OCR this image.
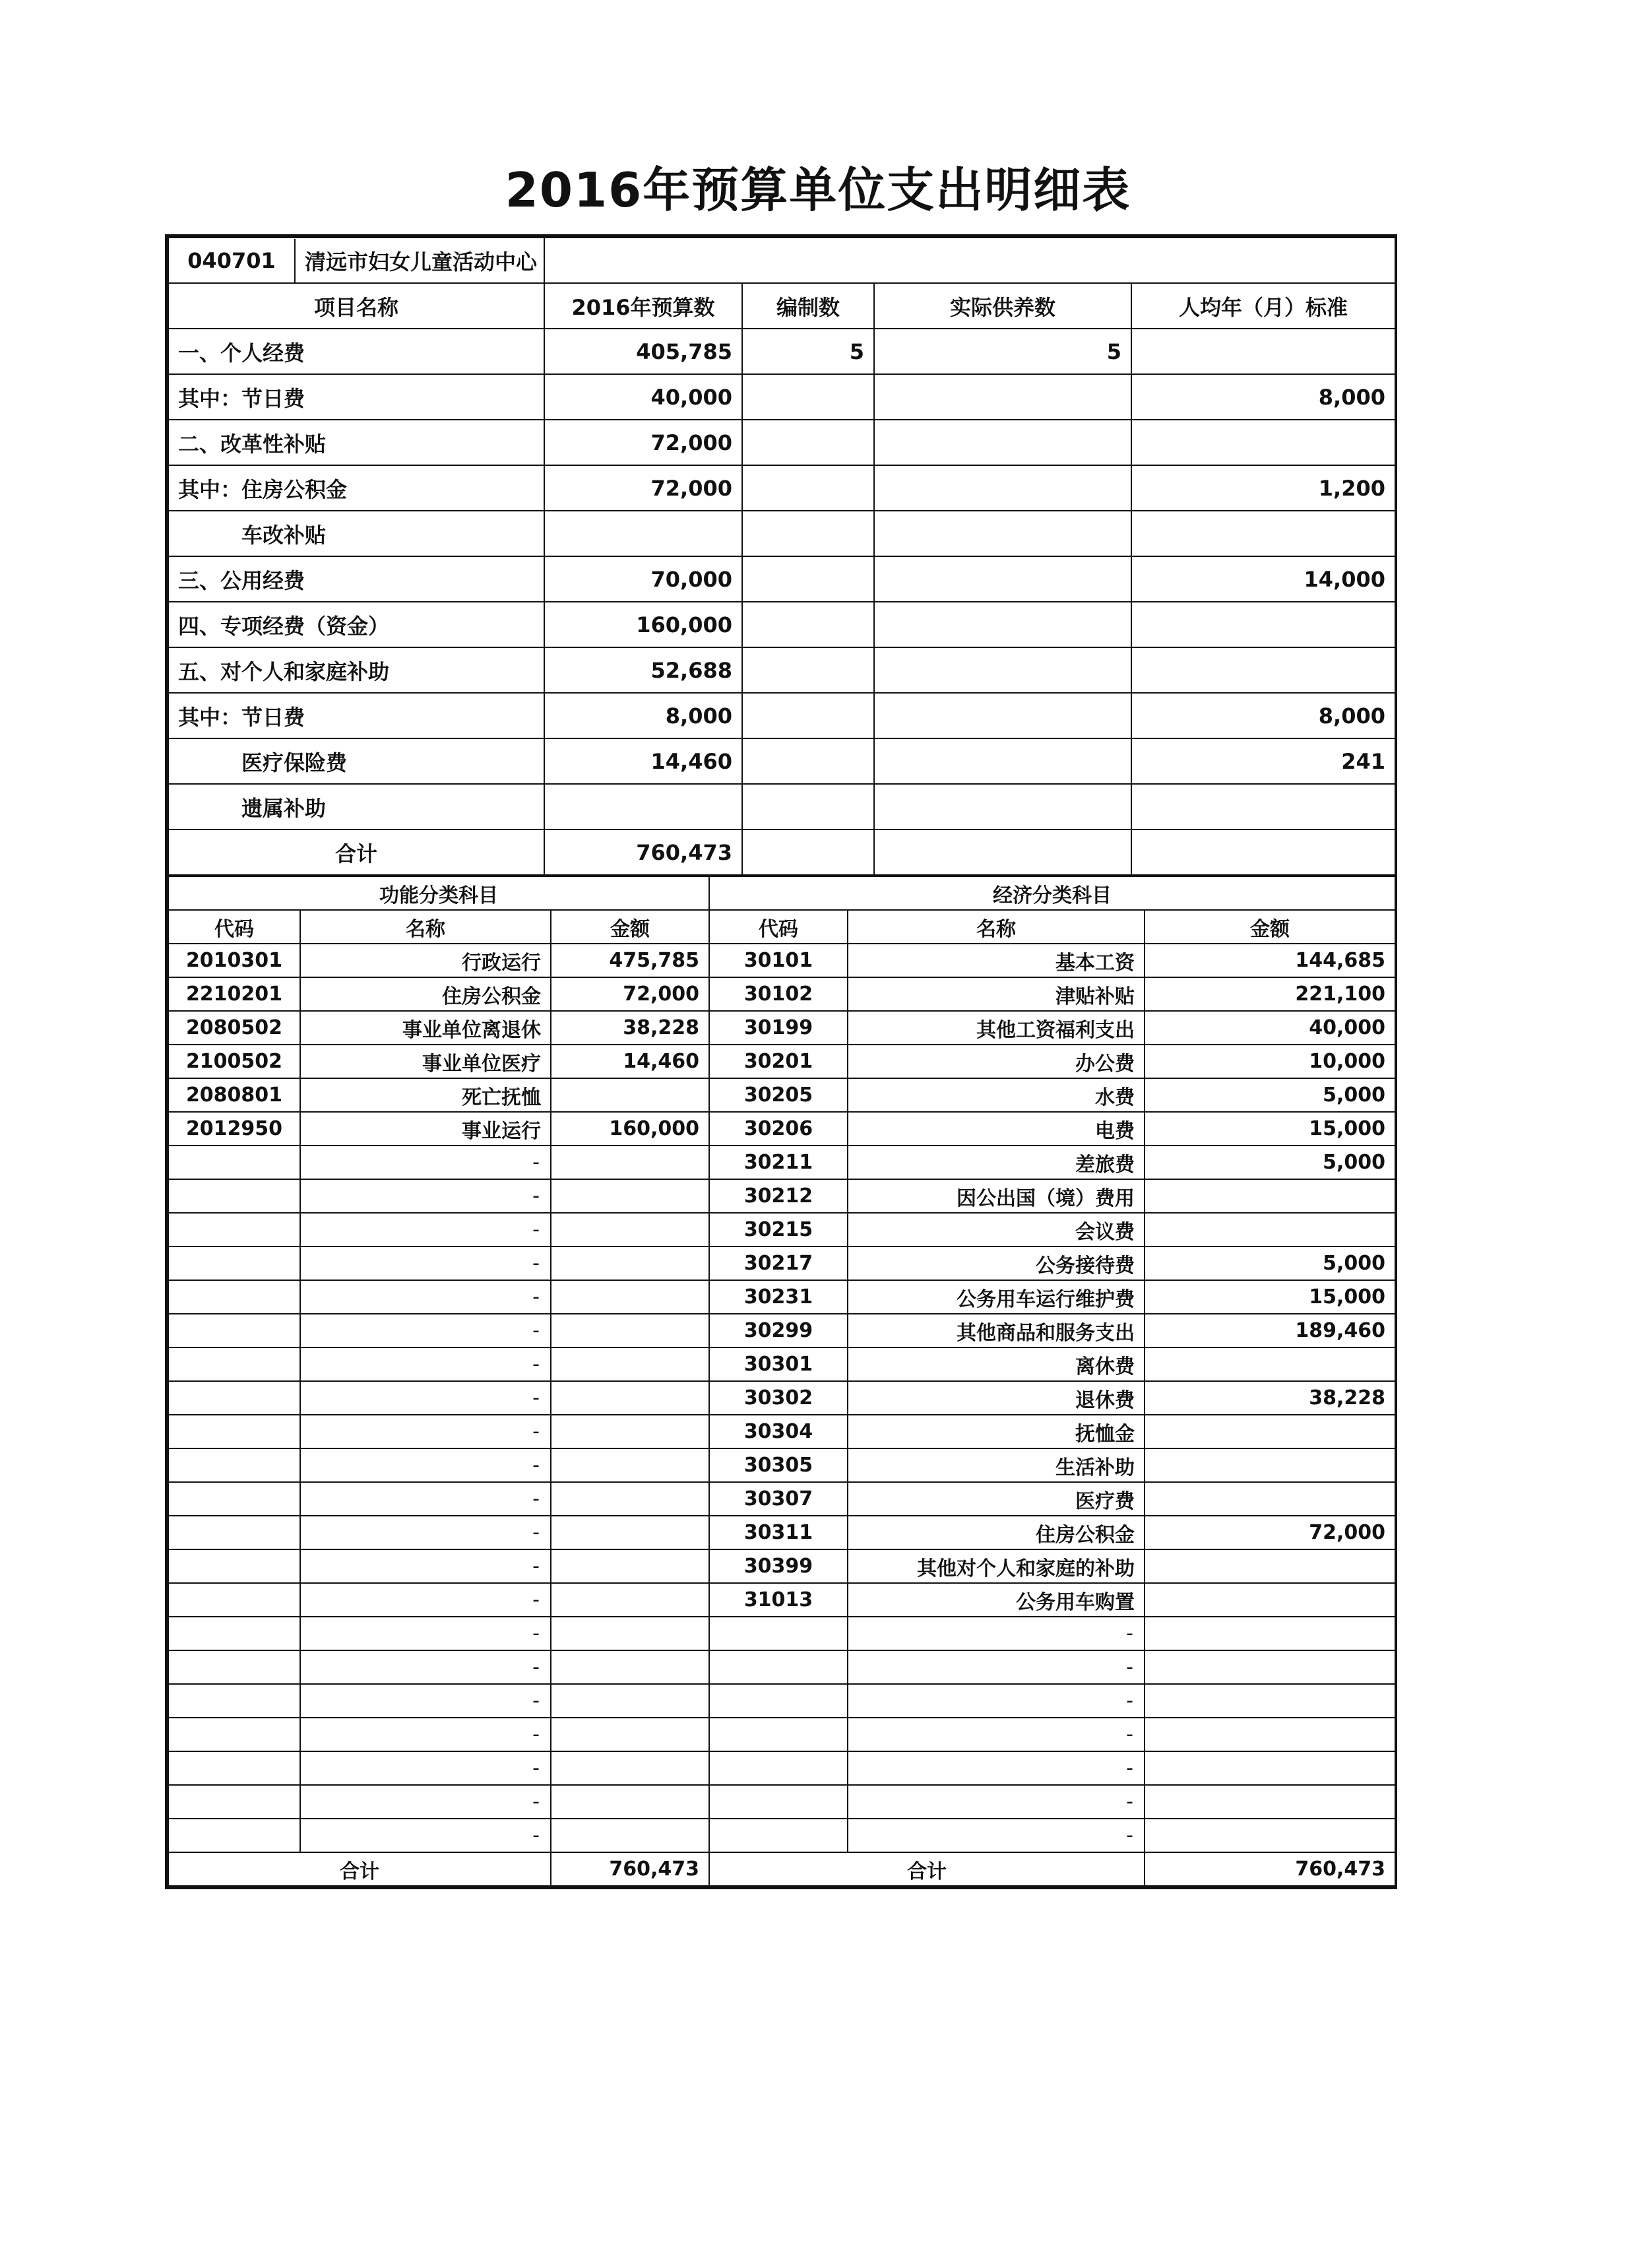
2016年预算单位支出明细表
040701 清远市妇女儿童活动中心				

项目名称	2016年预算数	编制数	实际供养数	人均年（月）标准
一、个人经费	405,785	5	5	
其中：节日费	40,000			8,000
二、改革性补贴	72,000			
其中：住房公积金	72,000			1,200
车改补贴				
三、公用经费	70,000			14,000
四、专项经费（资金）	160,000			
五、对个人和家庭补助	52,688			
其中：节日费	8,000			8,000
医疗保险费	14,460			241
遗属补助				
合计	760,473			
功能分类科目			经济分类科目		
代码	名称	金额	代码	名称	金额
2010301	行政运行	475,785	30101	基本工资	144,685
2210201	住房公积金	72,000	30102	津贴补贴	221,100
2080502	事业单位离退休	38,228	30199	其他工资福利支出	40,000
2100502	事业单位医疗	14,460	30201	办公费	10,000
2080801	死亡抚恤		30205	水费	5,000
2012950	事业运行	160,000	30206	电费	15,000
	-		30211	差旅费	5,000
	-		30212	因公出国（境）费用	
	-		30215	会议费	
	-		30217	公务接待费	5,000
	-		30231	公务用车运行维护费	15,000
	-		30299	其他商品和服务支出	189,460
	-		30301	离休费	
	-		30302	退休费	38,228
	-		30304	抚恤金	
	-		30305	生活补助	
	-		30307	医疗费	
	-		30311	住房公积金	72,000
	-		30399	其他对个人和家庭的补助	
	-		31013	公务用车购置	
	-			-	
	-			-	
	-			-	
	-			-	
	-			-	
	-			-	
	-			-	
合计		760,473	合计		760,473
